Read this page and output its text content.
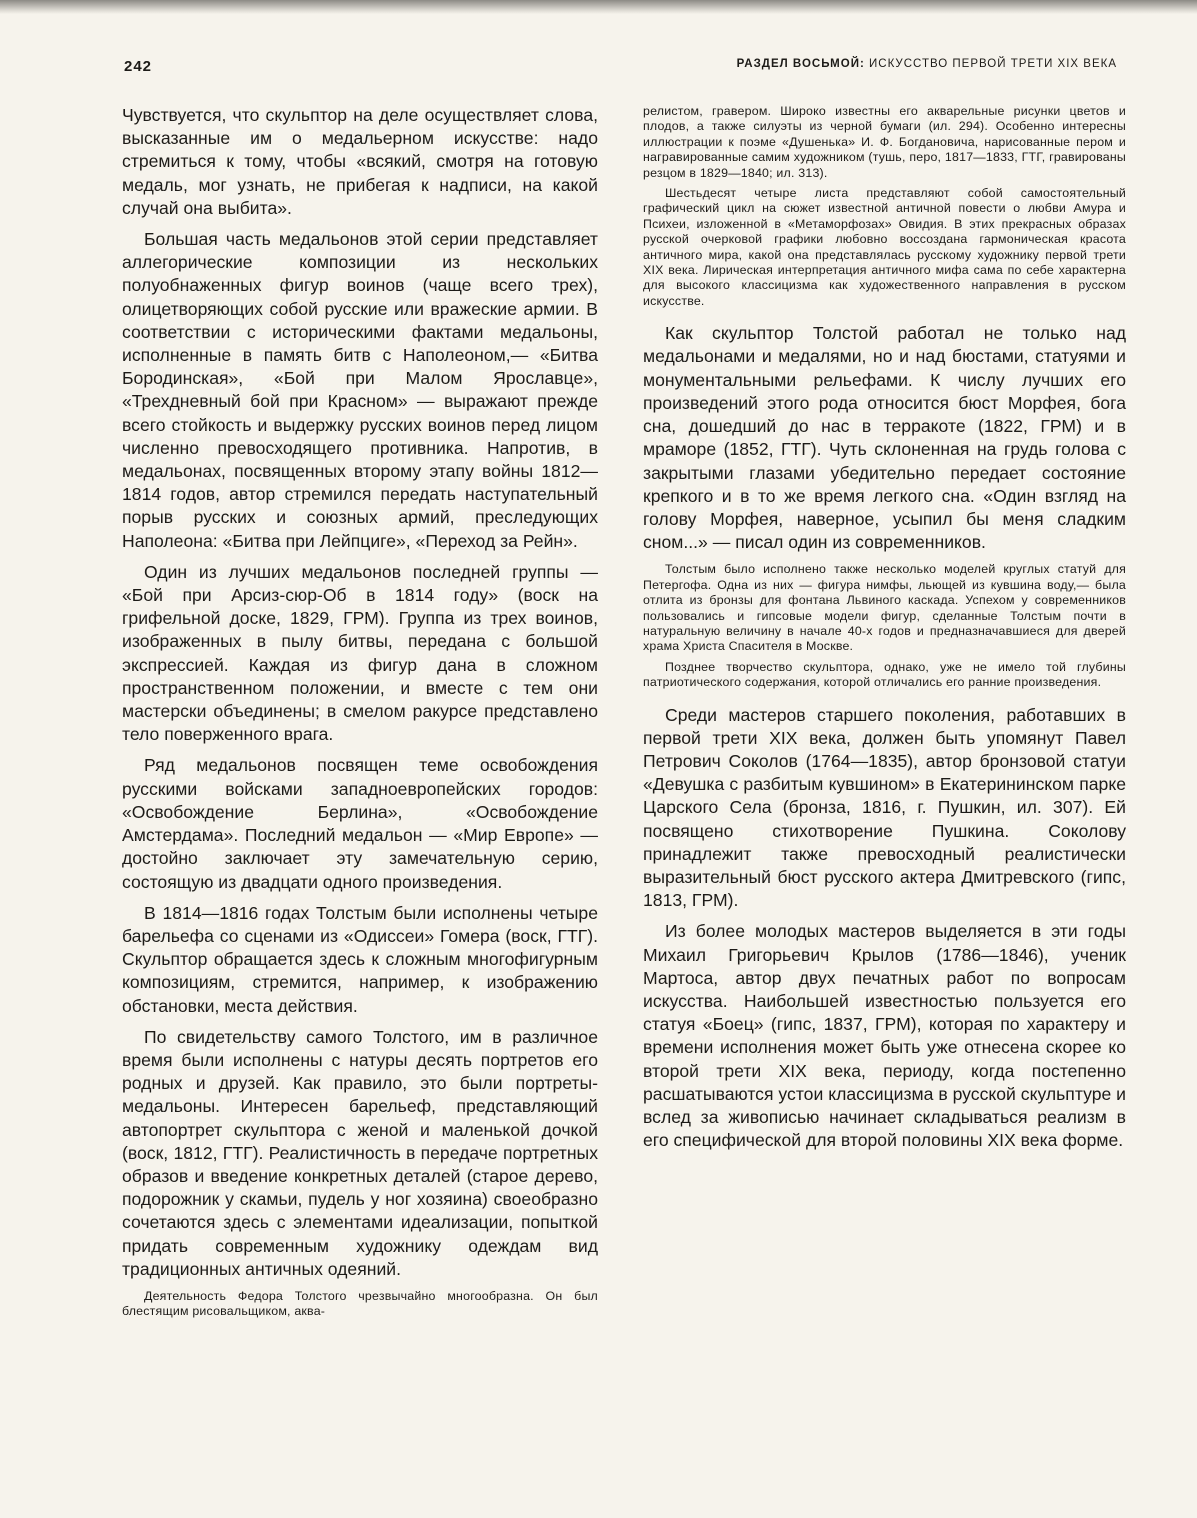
242	РАЗДЕЛ ВОСЬМОЙ: ИСКУССТВО ПЕРВОЙ ТРЕТИ XIX ВЕКА

Чувствуется, что скульптор на деле осуществляет слова, высказанные им о медальерном искусстве: надо стремиться к тому, чтобы «всякий, смотря на готовую медаль, мог узнать, не прибегая к надписи, на какой случай она выбита».

Большая часть медальонов этой серии представляет аллегорические композиции из нескольких полуобнаженных фигур воинов (чаще всего трех), олицетворяющих собой русские или вражеские армии. В соответствии с историческими фактами медальоны, исполненные в память битв с Наполеоном,— «Битва Бородинская», «Бой при Малом Ярославце», «Трехдневный бой при Красном» — выражают прежде всего стойкость и выдержку русских воинов перед лицом численно превосходящего противника. Напротив, в медальонах, посвященных второму этапу войны 1812—1814 годов, автор стремился передать наступательный порыв русских и союзных армий, преследующих Наполеона: «Битва при Лейпциге», «Переход за Рейн».

Один из лучших медальонов последней группы — «Бой при Арсиз-сюр-Об в 1814 году» (воск на грифельной доске, 1829, ГРМ). Группа из трех воинов, изображенных в пылу битвы, передана с большой экспрессией. Каждая из фигур дана в сложном пространственном положении, и вместе с тем они мастерски объединены; в смелом ракурсе представлено тело поверженного врага.

Ряд медальонов посвящен теме освобождения русскими войсками западноевропейских городов: «Освобождение Берлина», «Освобождение Амстердама». Последний медальон — «Мир Европе» — достойно заключает эту замечательную серию, состоящую из двадцати одного произведения.

В 1814—1816 годах Толстым были исполнены четыре барельефа со сценами из «Одиссеи» Гомера (воск, ГТГ). Скульптор обращается здесь к сложным многофигурным композициям, стремится, например, к изображению обстановки, места действия.

По свидетельству самого Толстого, им в различное время были исполнены с натуры десять портретов его родных и друзей. Как правило, это были портреты-медальоны. Интересен барельеф, представляющий автопортрет скульптора с женой и маленькой дочкой (воск, 1812, ГТГ). Реалистичность в передаче портретных образов и введение конкретных деталей (старое дерево, подорожник у скамьи, пудель у ног хозяина) своеобразно сочетаются здесь с элементами идеализации, попыткой придать современным художнику одеждам вид традиционных античных одеяний.

Деятельность Федора Толстого чрезвычайно многообразна. Он был блестящим рисовальщиком, аква-

релистом, гравером. Широко известны его акварельные рисунки цветов и плодов, а также силуэты из черной бумаги (ил. 294). Особенно интересны иллюстрации к поэме «Душенька» И. Ф. Богдановича, нарисованные пером и награвированные самим художником (тушь, перо, 1817—1833, ГТГ, гравированы резцом в 1829—1840; ил. 313).

Шестьдесят четыре листа представляют собой самостоятельный графический цикл на сюжет известной античной повести о любви Амура и Психеи, изложенной в «Метаморфозах» Овидия. В этих прекрасных образах русской очерковой графики любовно воссоздана гармоническая красота античного мира, какой она представлялась русскому художнику первой трети XIX века. Лирическая интерпретация античного мифа сама по себе характерна для высокого классицизма как художественного направления в русском искусстве.

Как скульптор Толстой работал не только над медальонами и медалями, но и над бюстами, статуями и монументальными рельефами. К числу лучших его произведений этого рода относится бюст Морфея, бога сна, дошедший до нас в терракоте (1822, ГРМ) и в мраморе (1852, ГТГ). Чуть склоненная на грудь голова с закрытыми глазами убедительно передает состояние крепкого и в то же время легкого сна. «Один взгляд на голову Морфея, наверное, усыпил бы меня сладким сном...» — писал один из современников.

Толстым было исполнено также несколько моделей круглых статуй для Петергофа. Одна из них — фигура нимфы, льющей из кувшина воду,— была отлита из бронзы для фонтана Львиного каскада. Успехом у современников пользовались и гипсовые модели фигур, сделанные Толстым почти в натуральную величину в начале 40-х годов и предназначавшиеся для дверей храма Христа Спасителя в Москве.

Позднее творчество скульптора, однако, уже не имело той глубины патриотического содержания, которой отличались его ранние произведения.

Среди мастеров старшего поколения, работавших в первой трети XIX века, должен быть упомянут Павел Петрович Соколов (1764—1835), автор бронзовой статуи «Девушка с разбитым кувшином» в Екатерининском парке Царского Села (бронза, 1816, г. Пушкин, ил. 307). Ей посвящено стихотворение Пушкина. Соколову принадлежит также превосходный реалистически выразительный бюст русского актера Дмитревского (гипс, 1813, ГРМ).

Из более молодых мастеров выделяется в эти годы Михаил Григорьевич Крылов (1786—1846), ученик Мартоса, автор двух печатных работ по вопросам искусства. Наибольшей известностью пользуется его статуя «Боец» (гипс, 1837, ГРМ), которая по характеру и времени исполнения может быть уже отнесена скорее ко второй трети XIX века, периоду, когда постепенно расшатываются устои классицизма в русской скульптуре и вслед за живописью начинает складываться реализм в его специфической для второй половины XIX века форме.
